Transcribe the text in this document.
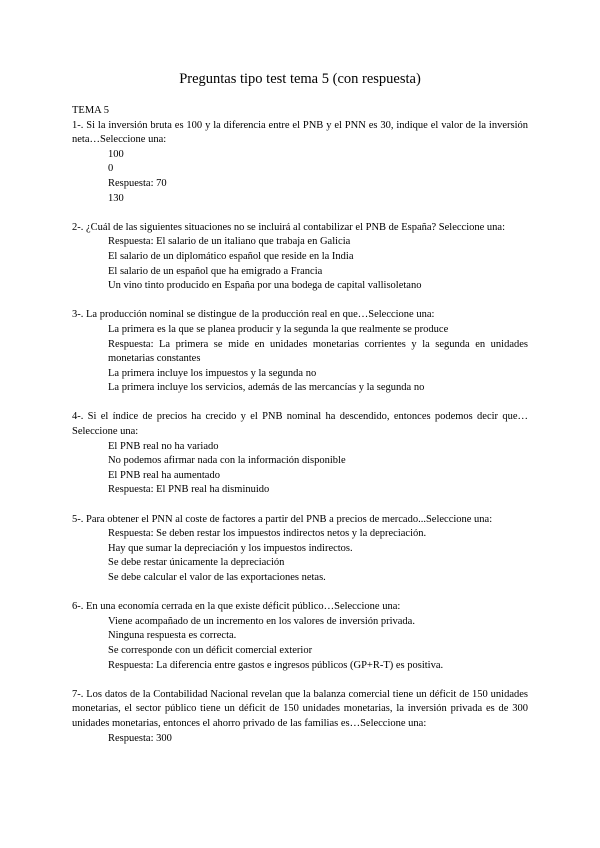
Preguntas tipo test tema 5 (con respuesta)

TEMA 5

1-. Si la inversión bruta es 100 y la diferencia entre el PNB y el PNN es 30, indique el valor de la inversión neta…Seleccione una:

100
0
Respuesta: 70
130

2-. ¿Cuál de las siguientes situaciones no se incluirá al contabilizar el PNB de España? Seleccione una:

Respuesta: El salario de un italiano que trabaja en Galicia
El salario de un diplomático español que reside en la India
El salario de un español que ha emigrado a Francia
Un vino tinto producido en España por una bodega de capital vallisoletano

3-. La producción nominal se distingue de la producción real en que…Seleccione una:

La primera es la que se planea producir y la segunda la que realmente se produce
Respuesta: La primera se mide en unidades monetarias corrientes y la segunda en unidades monetarias constantes
La primera incluye los impuestos y la segunda no
La primera incluye los servicios, además de las mercancías y la segunda no

4-. Si el índice de precios ha crecido y el PNB nominal ha descendido, entonces podemos decir que… Seleccione una:

El PNB real no ha variado
No podemos afirmar nada con la información disponible
El PNB real ha aumentado
Respuesta: El PNB real ha disminuido

5-. Para obtener el PNN al coste de factores a partir del PNB a precios de mercado...Seleccione una:

Respuesta: Se deben restar los impuestos indirectos netos y la depreciación.
Hay que sumar la depreciación y los impuestos indirectos.
Se debe restar únicamente la depreciación
Se debe calcular el valor de las exportaciones netas.

6-. En una economía cerrada en la que existe déficit público…Seleccione una:

Viene acompañado de un incremento en los valores de inversión privada.
Ninguna respuesta es correcta.
Se corresponde con un déficit comercial exterior
Respuesta: La diferencia entre gastos e ingresos públicos (GP+R-T) es positiva.

7-. Los datos de la Contabilidad Nacional revelan que la balanza comercial tiene un déficit de 150 unidades monetarias, el sector público tiene un déficit de 150 unidades monetarias, la inversión privada es de 300 unidades monetarias, entonces el ahorro privado de las familias es…Seleccione una:

Respuesta: 300
